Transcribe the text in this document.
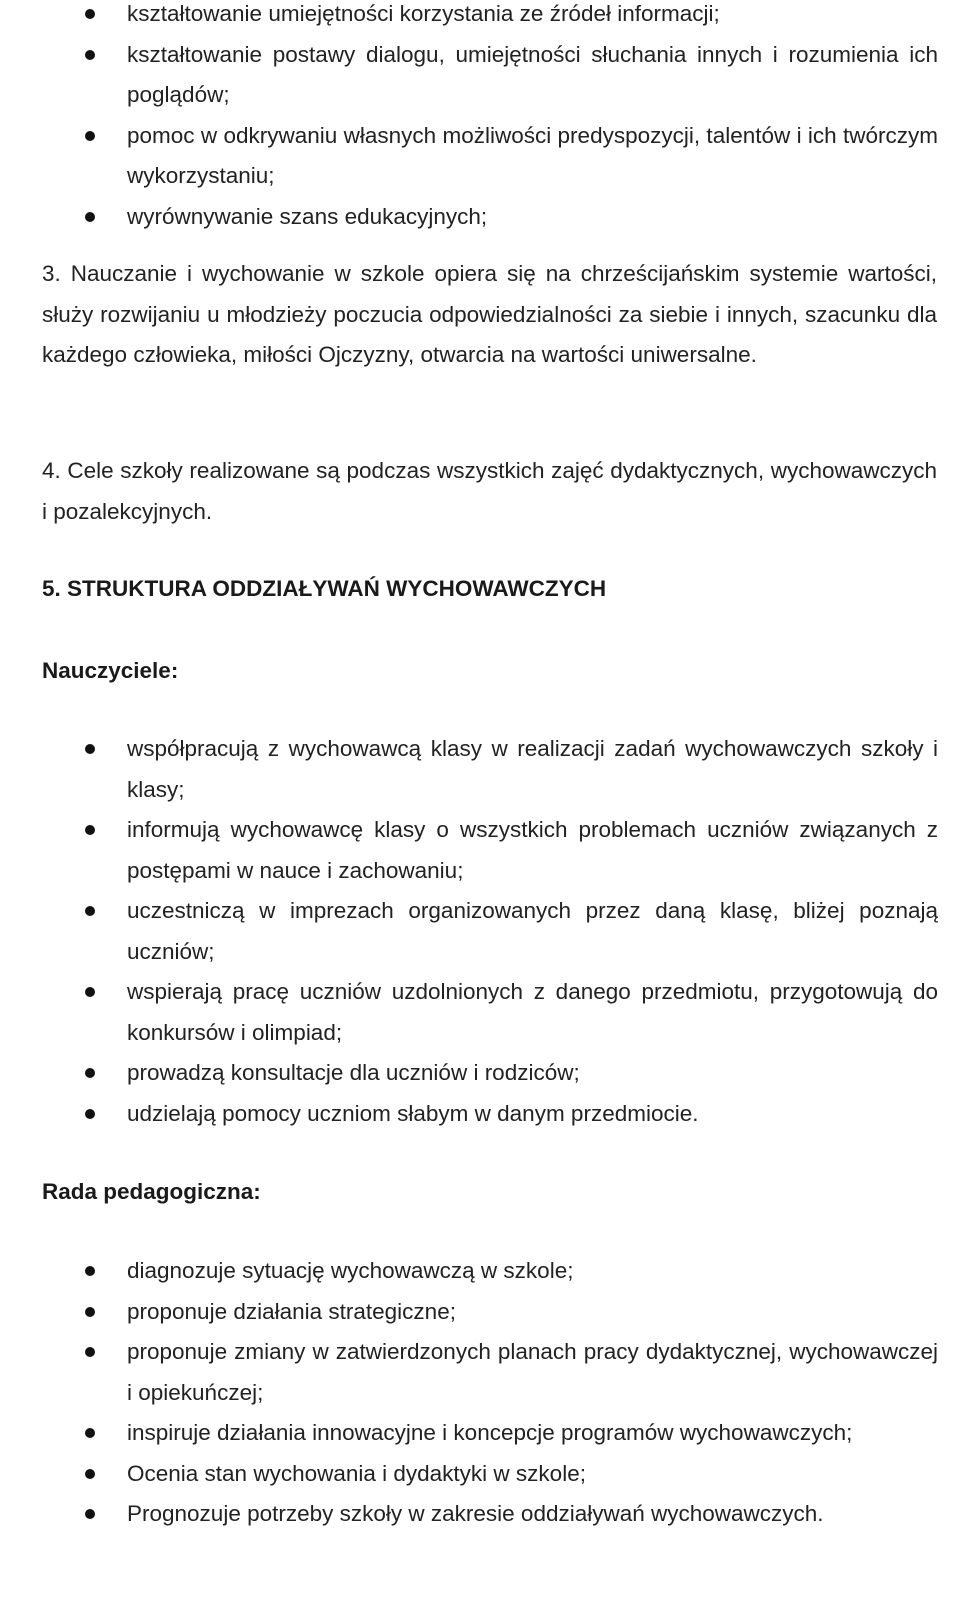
kształtowanie umiejętności korzystania ze źródeł informacji;
kształtowanie postawy dialogu, umiejętności słuchania innych i rozumienia ich poglądów;
pomoc w odkrywaniu własnych możliwości predyspozycji, talentów i ich twórczym wykorzystaniu;
wyrównywanie szans edukacyjnych;

3. Nauczanie i wychowanie w szkole opiera się na chrześcijańskim systemie wartości, służy rozwijaniu u młodzieży poczucia odpowiedzialności za siebie i innych, szacunku dla każdego człowieka, miłości Ojczyzny, otwarcia na wartości uniwersalne.

4. Cele szkoły realizowane są podczas wszystkich zajęć dydaktycznych, wychowawczych i pozalekcyjnych.

5. STRUKTURA ODDZIAŁYWAŃ WYCHOWAWCZYCH
Nauczyciele:
współpracują z wychowawcą klasy w realizacji zadań wychowawczych szkoły i klasy;
informują wychowawcę klasy o wszystkich problemach uczniów związanych z postępami w nauce i zachowaniu;
uczestniczą w imprezach organizowanych przez daną klasę, bliżej poznają uczniów;
wspierają pracę uczniów uzdolnionych z danego przedmiotu, przygotowują do konkursów i olimpiad;
prowadzą konsultacje dla uczniów i rodziców;
udzielają pomocy uczniom słabym w danym przedmiocie.
Rada pedagogiczna:
diagnozuje sytuację wychowawczą w szkole;
proponuje działania strategiczne;
proponuje zmiany w zatwierdzonych planach pracy dydaktycznej, wychowawczej i opiekuńczej;
inspiruje działania innowacyjne i koncepcje programów wychowawczych;
Ocenia stan wychowania i dydaktyki w szkole;
Prognozuje potrzeby szkoły w zakresie oddziaływań wychowawczych.
